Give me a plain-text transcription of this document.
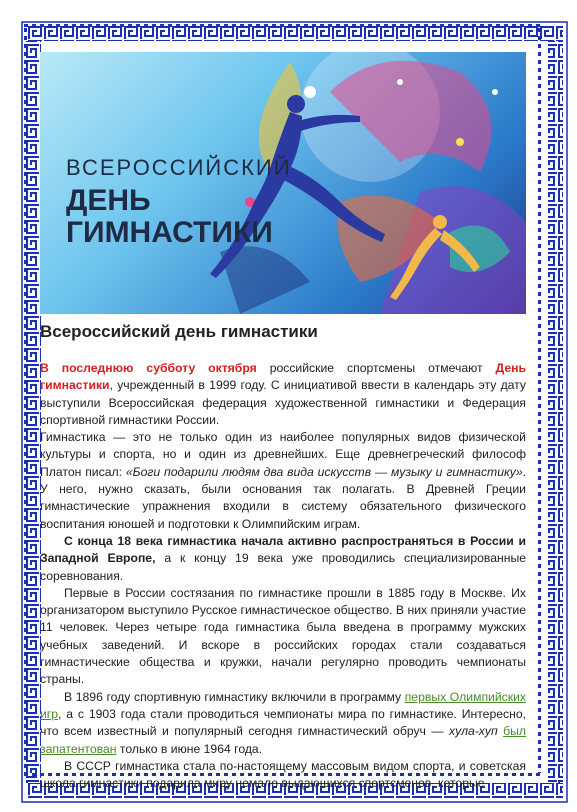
ВСЕРОССИЙСКИЙ
ДЕНЬ
ГИМНАСТИКИ
Всероссийский день гимнастики

В последнюю субботу октября российские спортсмены отмечают День гимнастики, учрежденный в 1999 году. С инициативой ввести в календарь эту дату выступили Всероссийская федерация художественной гимнастики и Федерация спортивной гимнастики России.

Гимнастика — это не только один из наиболее популярных видов физической культуры и спорта, но и один из древнейших. Еще древнегреческий философ Платон писал: «Боги подарили людям два вида искусств — музыку и гимнастику». У него, нужно сказать, были основания так полагать. В Древней Греции гимнастические упражнения входили в систему обязательного физического воспитания юношей и подготовки к Олимпийским играм.

С конца 18 века гимнастика начала активно распространяться в России и Западной Европе, а к концу 19 века уже проводились специализированные соревнования.

Первые в России состязания по гимнастике прошли в 1885 году в Москве. Их организатором выступило Русское гимнастическое общество. В них приняли участие 11 человек. Через четыре года гимнастика была введена в программу мужских учебных заведений. И вскоре в российских городах стали создаваться гимнастические общества и кружки, начали регулярно проводить чемпионаты страны.

В 1896 году спортивную гимнастику включили в программу первых Олимпийских игр, а с 1903 года стали проводиться чемпионаты мира по гимнастике. Интересно, что всем известный и популярный сегодня гимнастический обруч — хула-хуп был запатентован только в июне 1964 года.

В СССР гимнастика стала по-настоящему массовым видом спорта, и советская школа гимнастики подарила миру немало выдающихся спортсменов, которые
